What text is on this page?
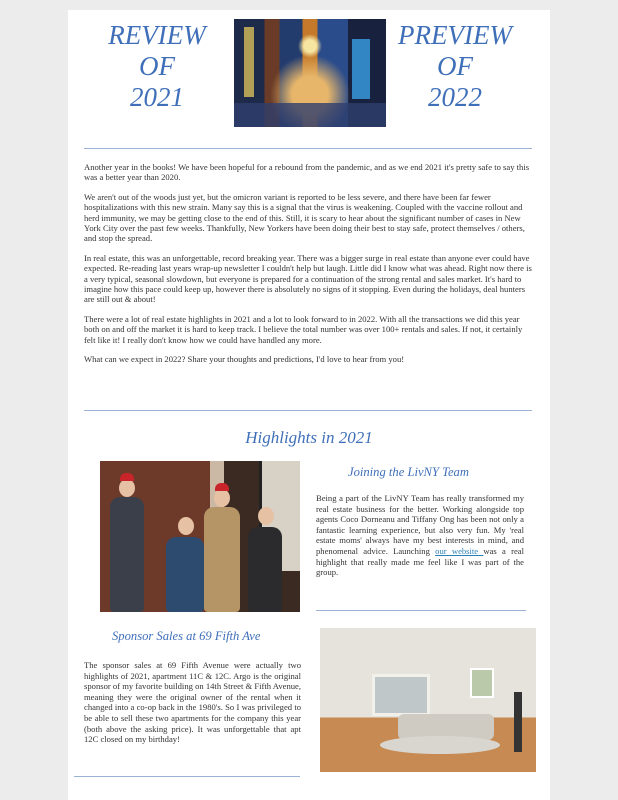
REVIEW
OF
2021
PREVIEW
OF
2022

Another year in the books! We have been hopeful for a rebound from the pandemic, and as we end 2021 it's pretty safe to say this was a better year than 2020.

We aren't out of the woods just yet, but the omicron variant is reported to be less severe, and there have been far fewer hospitalizations with this new strain. Many say this is a signal that the virus is weakening. Coupled with the vaccine rollout and herd immunity, we may be getting close to the end of this. Still, it is scary to hear about the significant number of cases in New York City over the past few weeks. Thankfully, New Yorkers have been doing their best to stay safe, protect themselves / others, and stop the spread.

In real estate, this was an unforgettable, record breaking year. There was a bigger surge in real estate than anyone ever could have expected. Re-reading last years wrap-up newsletter I couldn't help but laugh. Little did I know what was ahead. Right now there is a very typical, seasonal slowdown, but everyone is prepared for a continuation of the strong rental and sales market. It's hard to imagine how this pace could keep up, however there is absolutely no signs of it stopping. Even during the holidays, deal hunters are still out & about!

There were a lot of real estate highlights in 2021 and a lot to look forward to in 2022. With all the transactions we did this year both on and off the market it is hard to keep track. I believe the total number was over 100+ rentals and sales. If not, it certainly felt like it! I really don't know how we could have handled any more.

What can we expect in 2022? Share your thoughts and predictions, I'd love to hear from you!

Highlights in 2021
Joining the LivNY Team
Being a part of the LivNY Team has really transformed my real estate business for the better. Working alongside top agents Coco Dorneanu and Tiffany Ong has been not only a fantastic learning experience, but also very fun. My 'real estate moms' always have my best interests in mind, and phenomenal advice. Launching our website was a real highlight that really made me feel like I was part of the group.
Sponsor Sales at 69 Fifth Ave
The sponsor sales at 69 Fifth Avenue were actually two highlights of 2021, apartment 11C & 12C. Argo is the original sponsor of my favorite building on 14th Street & Fifth Avenue, meaning they were the original owner of the rental when it changed into a co-op back in the 1980's. So I was privileged to be able to sell these two apartments for the company this year (both above the asking price). It was unforgettable that apt 12C closed on my birthday!
